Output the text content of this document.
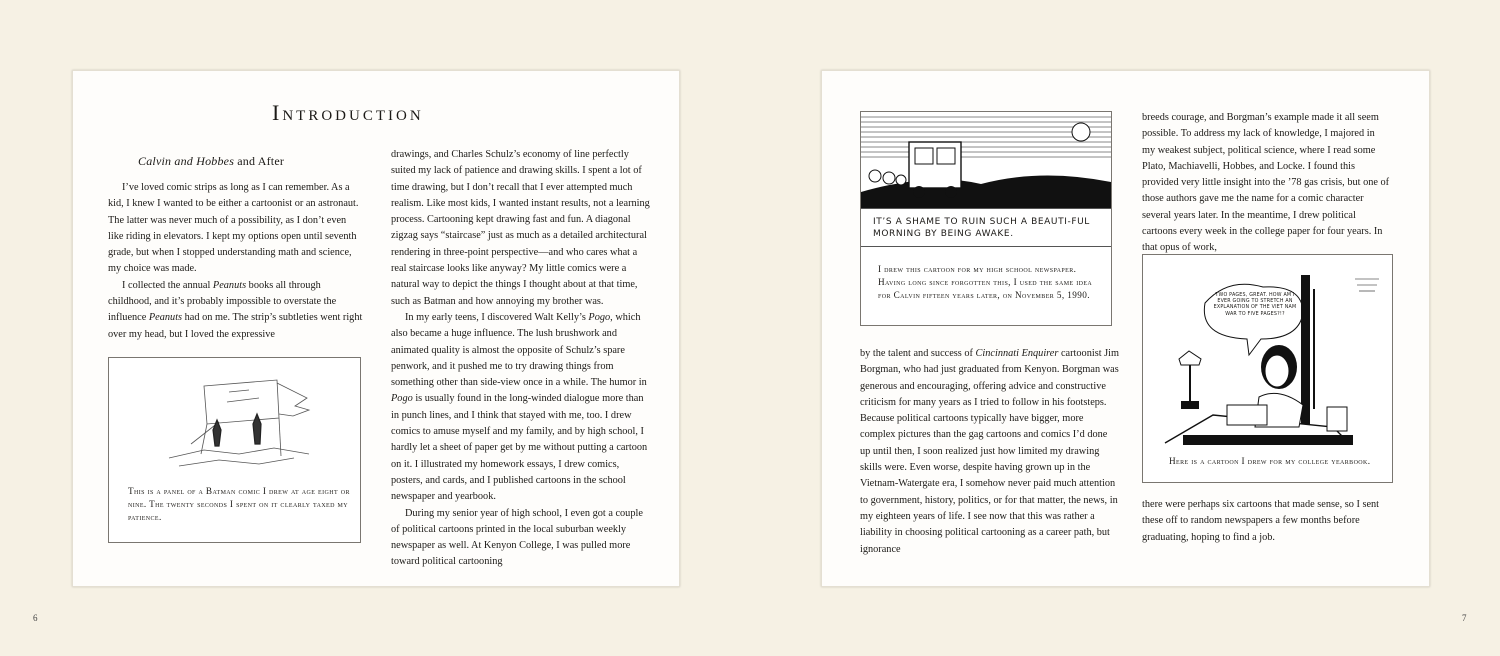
Introduction
Calvin and Hobbes and After

I’ve loved comic strips as long as I can remember. As a kid, I knew I wanted to be either a cartoonist or an astronaut. The latter was never much of a possibility, as I don’t even like riding in elevators. I kept my options open until seventh grade, but when I stopped understanding math and science, my choice was made.

I collected the annual Peanuts books all through childhood, and it’s probably impossible to overstate the influence Peanuts had on me. The strip’s subtleties went right over my head, but I loved the expressive

This is a panel of a Batman comic I drew at age eight or nine. The twenty seconds I spent on it clearly taxed my patience.

drawings, and Charles Schulz’s economy of line perfectly suited my lack of patience and drawing skills. I spent a lot of time drawing, but I don’t recall that I ever attempted much realism. Like most kids, I wanted instant results, not a learning process. Cartooning kept drawing fast and fun. A diagonal zigzag says “staircase” just as much as a detailed architectural rendering in three-point perspective—and who cares what a real staircase looks like anyway? My little comics were a natural way to depict the things I thought about at that time, such as Batman and how annoying my brother was.

In my early teens, I discovered Walt Kelly’s Pogo, which also became a huge influence. The lush brushwork and animated quality is almost the opposite of Schulz’s spare penwork, and it pushed me to try drawing things from something other than side-view once in a while. The humor in Pogo is usually found in the long-winded dialogue more than in punch lines, and I think that stayed with me, too. I drew comics to amuse myself and my family, and by high school, I hardly let a sheet of paper get by me without putting a cartoon on it. I illustrated my homework essays, I drew comics, posters, and cards, and I published cartoons in the school newspaper and yearbook.

During my senior year of high school, I even got a couple of political cartoons printed in the local suburban weekly newspaper as well. At Kenyon College, I was pulled more toward political cartooning

6

IT’S A SHAME TO RUIN SUCH A BEAUTI-FUL MORNING BY BEING AWAKE.

I drew this cartoon for my high school newspaper. Having long since forgotten this, I used the same idea for Calvin fifteen years later, on November 5, 1990.

by the talent and success of Cincinnati Enquirer cartoonist Jim Borgman, who had just graduated from Kenyon. Borgman was generous and encouraging, offering advice and constructive criticism for many years as I tried to follow in his footsteps. Because political cartoons typically have bigger, more complex pictures than the gag cartoons and comics I’d done up until then, I soon realized just how limited my drawing skills were. Even worse, despite having grown up in the Vietnam-Watergate era, I somehow never paid much attention to government, history, politics, or for that matter, the news, in my eighteen years of life. I see now that this was rather a liability in choosing political cartooning as a career path, but ignorance

breeds courage, and Borgman’s example made it all seem possible. To address my lack of knowledge, I majored in my weakest subject, political science, where I read some Plato, Machiavelli, Hobbes, and Locke. I found this provided very little insight into the ’78 gas crisis, but one of those authors gave me the name for a comic character several years later. In the meantime, I drew political cartoons every week in the college paper for four years. In that opus of work,

TWO PAGES, GREAT. HOW AM I EVER GOING TO STRETCH AN EXPLANATION OF THE VIET NAM WAR TO FIVE PAGES?!?

Here is a cartoon I drew for my college yearbook.

there were perhaps six cartoons that made sense, so I sent these off to random newspapers a few months before graduating, hoping to find a job.

7
